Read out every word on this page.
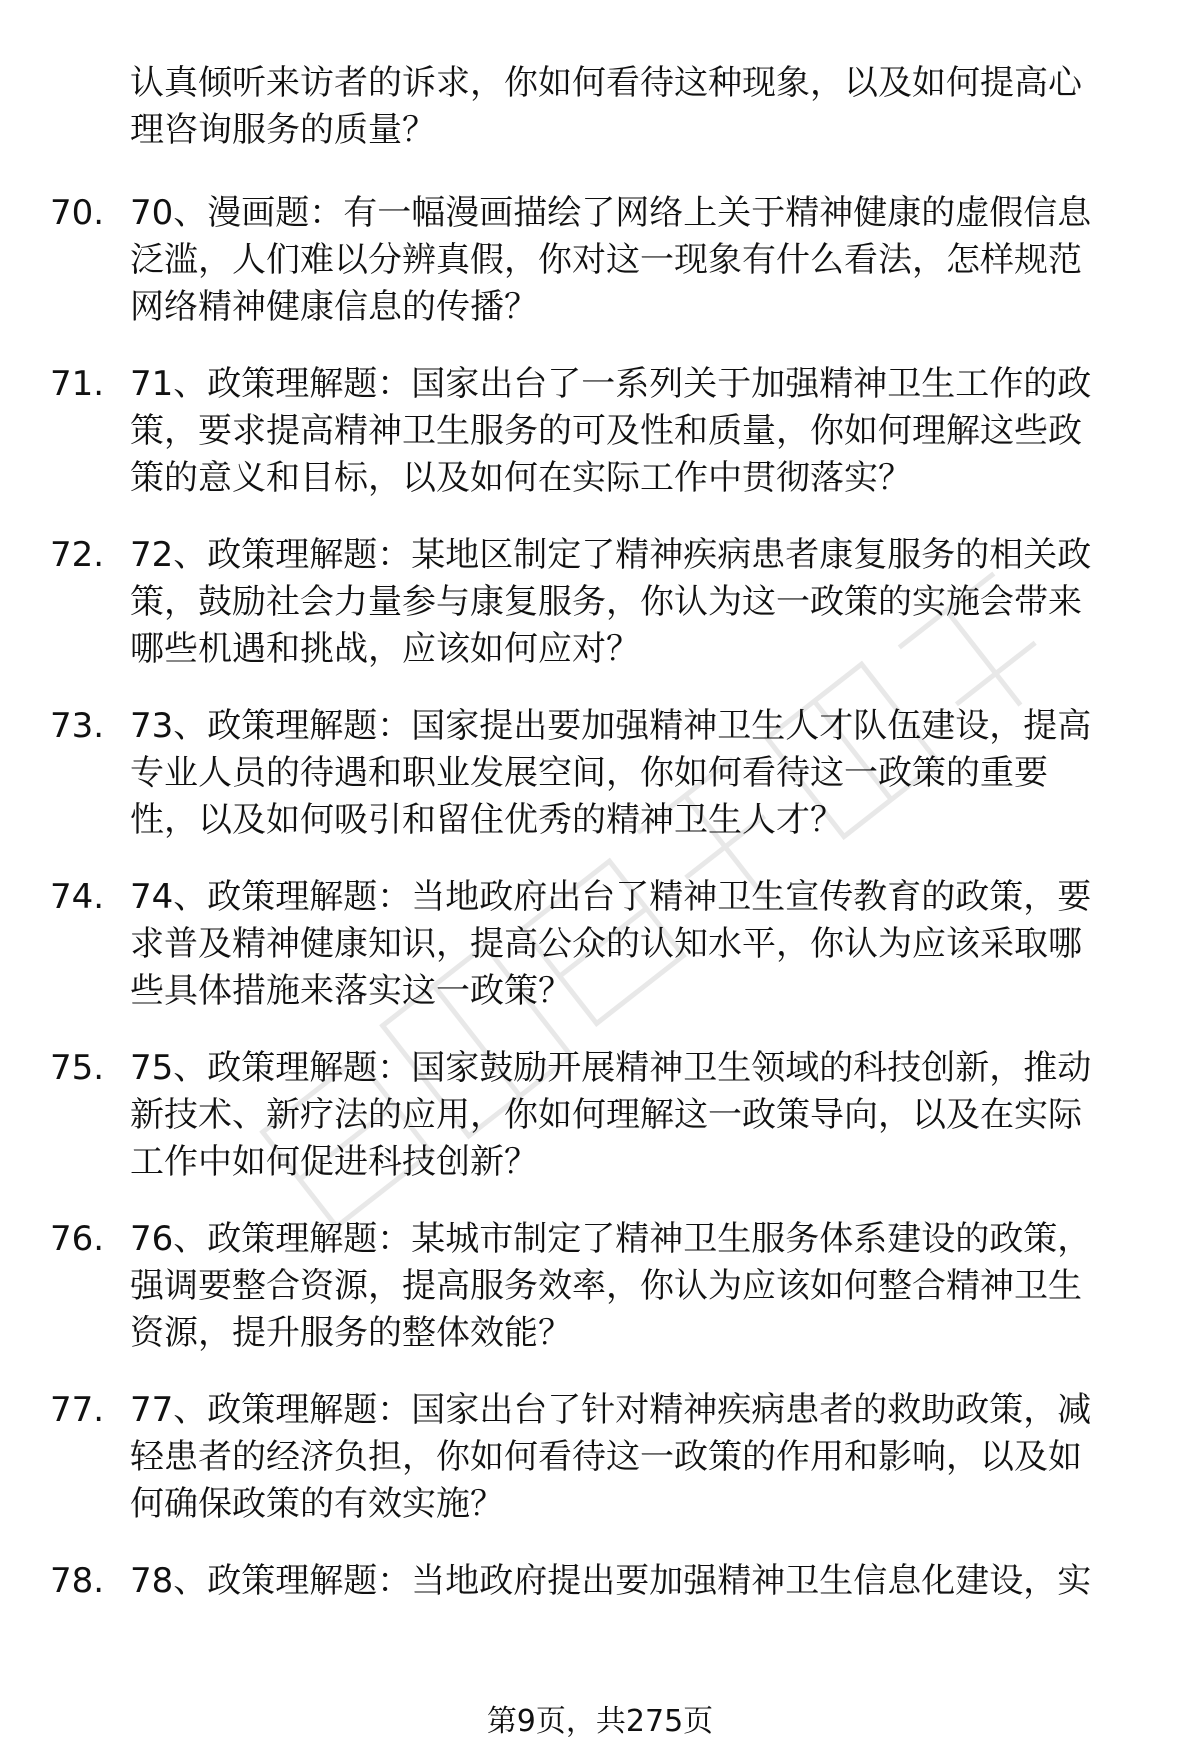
认真倾听来访者的诉求，你如何看待这种现象，以及如何提高心
理咨询服务的质量？
70. 70、漫画题：有一幅漫画描绘了网络上关于精神健康的虚假信息
泛滥，人们难以分辨真假，你对这一现象有什么看法，怎样规范
网络精神健康信息的传播？
71. 71、政策理解题：国家出台了一系列关于加强精神卫生工作的政
策，要求提高精神卫生服务的可及性和质量，你如何理解这些政
策的意义和目标，以及如何在实际工作中贯彻落实？
72. 72、政策理解题：某地区制定了精神疾病患者康复服务的相关政
策，鼓励社会力量参与康复服务，你认为这一政策的实施会带来
哪些机遇和挑战，应该如何应对？
73. 73、政策理解题：国家提出要加强精神卫生人才队伍建设，提高
专业人员的待遇和职业发展空间，你如何看待这一政策的重要
性，以及如何吸引和留住优秀的精神卫生人才？
74. 74、政策理解题：当地政府出台了精神卫生宣传教育的政策，要
求普及精神健康知识，提高公众的认知水平，你认为应该采取哪
些具体措施来落实这一政策？
75. 75、政策理解题：国家鼓励开展精神卫生领域的科技创新，推动
新技术、新疗法的应用，你如何理解这一政策导向，以及在实际
工作中如何促进科技创新？
76. 76、政策理解题：某城市制定了精神卫生服务体系建设的政策，
强调要整合资源，提高服务效率，你认为应该如何整合精神卫生
资源，提升服务的整体效能？
77. 77、政策理解题：国家出台了针对精神疾病患者的救助政策，减
轻患者的经济负担，你如何看待这一政策的作用和影响，以及如
何确保政策的有效实施？
78. 78、政策理解题：当地政府提出要加强精神卫生信息化建设，实
第9页，共275页
